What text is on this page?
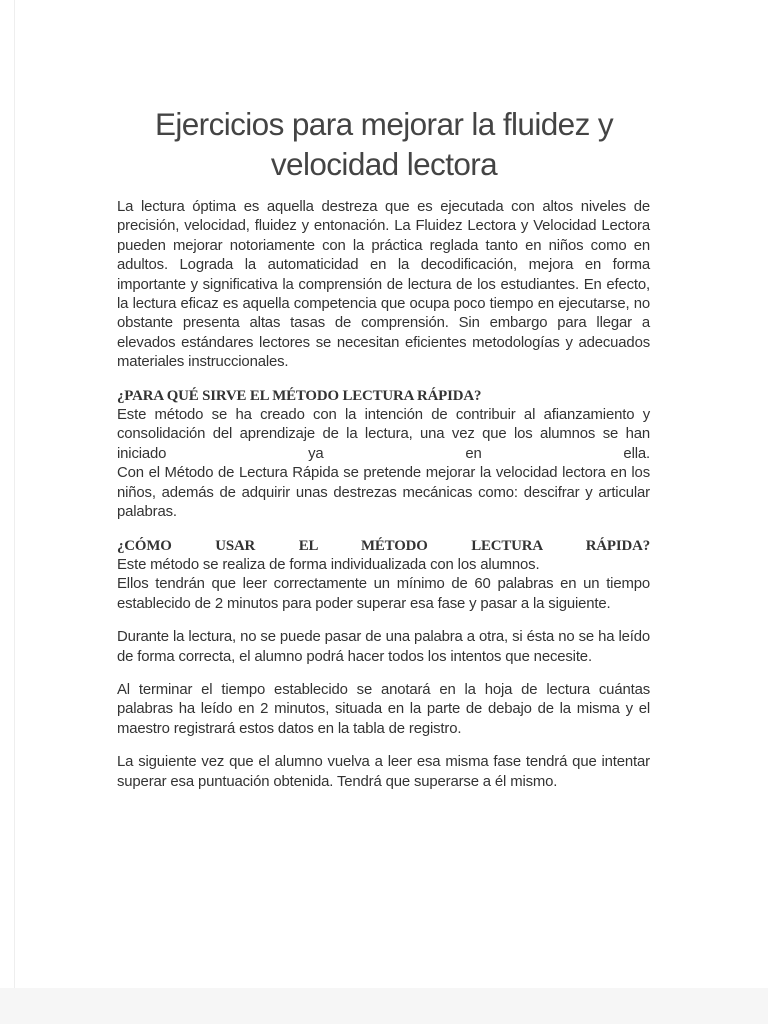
Ejercicios para mejorar la fluidez y velocidad lectora

La lectura óptima es aquella destreza que es ejecutada con altos niveles de precisión, velocidad, fluidez y entonación. La Fluidez Lectora y Velocidad Lectora pueden mejorar notoriamente con la práctica reglada tanto en niños como en adultos. Lograda la automaticidad en la decodificación, mejora en forma importante y significativa la comprensión de lectura de los estudiantes. En efecto, la lectura eficaz es aquella competencia que ocupa poco tiempo en ejecutarse, no obstante presenta altas tasas de comprensión. Sin embargo para llegar a elevados estándares lectores se necesitan eficientes metodologías y adecuados materiales instruccionales.

¿PARA QUÉ SIRVE EL MÉTODO LECTURA RÁPIDA?

Este método se ha creado con la intención de contribuir al afianzamiento y consolidación del aprendizaje de la lectura, una vez que los alumnos se han iniciado ya en ella.

Con el Método de Lectura Rápida se pretende mejorar la velocidad lectora en los niños, además de adquirir unas destrezas mecánicas como: descifrar y articular palabras.

¿CÓMO USAR EL MÉTODO LECTURA RÁPIDA?

Este método se realiza de forma individualizada con los alumnos.

Ellos tendrán que leer correctamente un mínimo de 60 palabras en un tiempo establecido de 2 minutos para poder superar esa fase y pasar a la siguiente.

Durante la lectura, no se puede pasar de una palabra a otra, si ésta no se ha leído de forma correcta, el alumno podrá hacer todos los intentos que necesite.

Al terminar el tiempo establecido se anotará en la hoja de lectura cuántas palabras ha leído en 2 minutos, situada en la parte de debajo de la misma y el maestro registrará estos datos en la tabla de registro.

La siguiente vez que el alumno vuelva a leer esa misma fase tendrá que intentar superar esa puntuación obtenida. Tendrá que superarse a él mismo.
